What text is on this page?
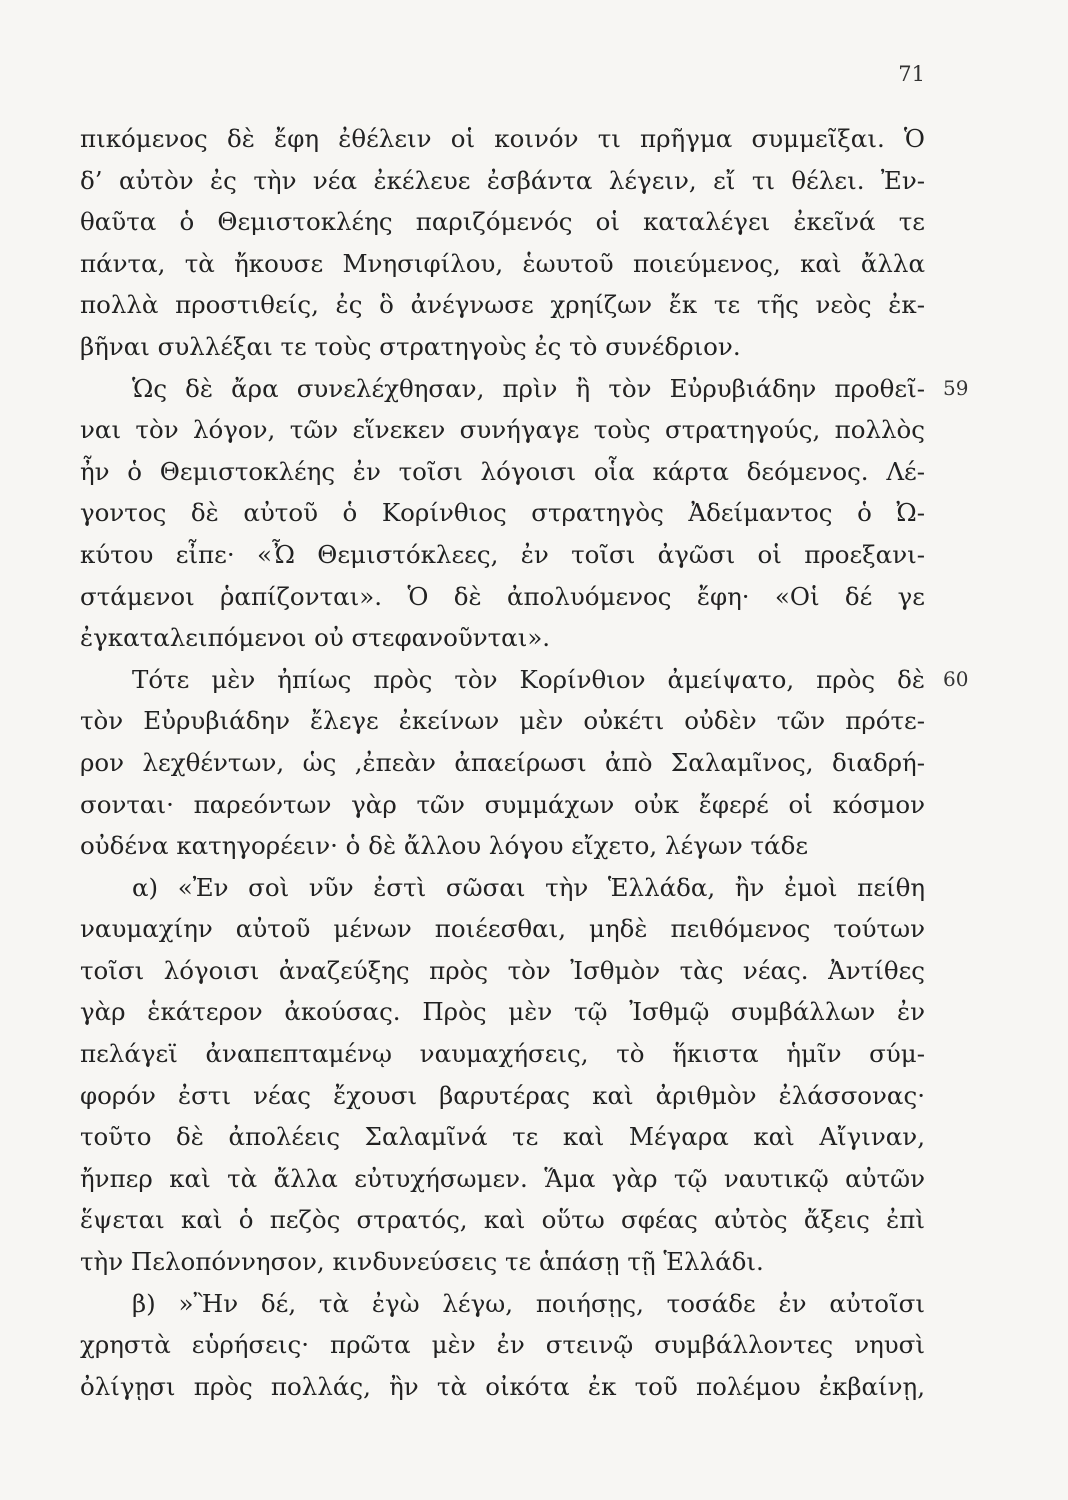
71
πικόμενος δὲ ἔφη ἐθέλειν οἱ κοινόν τι πρῆγμα συμμεῖξαι. Ὁ
δ’ αὐτὸν ἐς τὴν νέα ἐκέλευε ἐσβάντα λέγειν, εἴ τι θέλει. Ἐν-
θαῦτα ὁ Θεμιστοκλέης παριζόμενός οἱ καταλέγει ἐκεῖνά τε
πάντα, τὰ ἤκουσε Μνησιφίλου, ἑωυτοῦ ποιεύμενος, καὶ ἄλλα
πολλὰ προστιθείς, ἐς ὃ ἀνέγνωσε χρηίζων ἔκ τε τῆς νεὸς ἐκ-
βῆναι συλλέξαι τε τοὺς στρατηγοὺς ἐς τὸ συνέδριον.
Ὡς δὲ ἄρα συνελέχθησαν, πρὶν ἢ τὸν Εὐρυβιάδην προθεῖ- 59
ναι τὸν λόγον, τῶν εἵνεκεν συνήγαγε τοὺς στρατηγούς, πολλὸς
ἦν ὁ Θεμιστοκλέης ἐν τοῖσι λόγοισι οἷα κάρτα δεόμενος. Λέ-
γοντος δὲ αὐτοῦ ὁ Κορίνθιος στρατηγὸς Ἀδείμαντος ὁ Ὠ-
κύτου εἶπε· «Ὦ Θεμιστόκλεες, ἐν τοῖσι ἀγῶσι οἱ προεξανι-
στάμενοι ῥαπίζονται». Ὁ δὲ ἀπολυόμενος ἔφη· «Οἱ δέ γε
ἐγκαταλειπόμενοι οὐ στεφανοῦνται».
Τότε μὲν ἠπίως πρὸς τὸν Κορίνθιον ἀμείψατο, πρὸς δὲ 60
τὸν Εὐρυβιάδην ἔλεγε ἐκείνων μὲν οὐκέτι οὐδὲν τῶν πρότε-
ρον λεχθέντων, ὡς ,ἐπεὰν ἀπαείρωσι ἀπὸ Σαλαμῖνος, διαδρή-
σονται· παρεόντων γὰρ τῶν συμμάχων οὐκ ἔφερέ οἱ κόσμον
οὐδένα κατηγορέειν· ὁ δὲ ἄλλου λόγου εἴχετο, λέγων τάδε
α) «Ἐν σοὶ νῦν ἐστὶ σῶσαι τὴν Ἑλλάδα, ἢν ἐμοὶ πείθη
ναυμαχίην αὐτοῦ μένων ποιέεσθαι, μηδὲ πειθόμενος τούτων
τοῖσι λόγοισι ἀναζεύξης πρὸς τὸν Ἰσθμὸν τὰς νέας. Ἀντίθες
γὰρ ἑκάτερον ἀκούσας. Πρὸς μὲν τῷ Ἰσθμῷ συμβάλλων ἐν
πελάγεϊ ἀναπεπταμένῳ ναυμαχήσεις, τὸ ἥκιστα ἡμῖν σύμ-
φορόν ἐστι νέας ἔχουσι βαρυτέρας καὶ ἀριθμὸν ἐλάσσονας·
τοῦτο δὲ ἀπολέεις Σαλαμῖνά τε καὶ Μέγαρα καὶ Αἴγιναν,
ἤνπερ καὶ τὰ ἄλλα εὐτυχήσωμεν. Ἅμα γὰρ τῷ ναυτικῷ αὐτῶν
ἕψεται καὶ ὁ πεζὸς στρατός, καὶ οὕτω σφέας αὐτὸς ἄξεις ἐπὶ
τὴν Πελοπόννησον, κινδυνεύσεις τε ἁπάσῃ τῇ Ἑλλάδι.
β) »Ἢν δέ, τὰ ἐγὼ λέγω, ποιήσῃς, τοσάδε ἐν αὐτοῖσι
χρηστὰ εὑρήσεις· πρῶτα μὲν ἐν στεινῷ συμβάλλοντες νηυσὶ
ὀλίγῃσι πρὸς πολλάς, ἢν τὰ οἰκότα ἐκ τοῦ πολέμου ἐκβαίνῃ,
